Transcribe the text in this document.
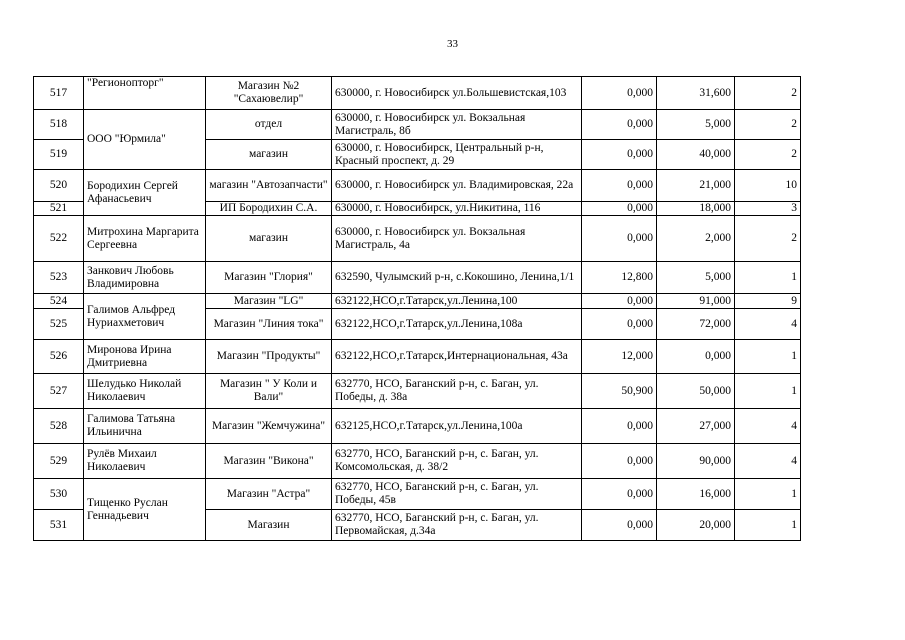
33
517	"Регионопторг"	Магазин №2 "Сахаювелир"	630000, г. Новосибирск ул.Большевистская,103	0,000	31,600	2
518	ООО "Юрмила"	отдел	630000, г. Новосибирск ул. Вокзальная Магистраль, 8б	0,000	5,000	2
519		магазин	630000, г. Новосибирск, Центральный р-н, Красный проспект, д. 29	0,000	40,000	2
520	Бородихин Сергей Афанасьевич	магазин "Автозапчасти"	630000, г. Новосибирск ул. Владимировская, 22а	0,000	21,000	10
521		ИП Бородихин С.А.	630000, г. Новосибирск, ул.Никитина, 116	0,000	18,000	3
522	Митрохина Маргарита Сергеевна	магазин	630000, г. Новосибирск ул. Вокзальная Магистраль, 4а	0,000	2,000	2
523	Занкович Любовь Владимировна	Магазин "Глория"	632590, Чулымский р-н, с.Кокошино, Ленина,1/1	12,800	5,000	1
524	Галимов Альфред Нуриахметович	Магазин "LG"	632122,НСО,г.Татарск,ул.Ленина,100	0,000	91,000	9
525		Магазин "Линия тока"	632122,НСО,г.Татарск,ул.Ленина,108а	0,000	72,000	4
526	Миронова Ирина Дмитриевна	Магазин "Продукты"	632122,НСО,г.Татарск,Интернациональная, 43а	12,000	0,000	1
527	Шелудько Николай Николаевич	Магазин " У Коли и Вали"	632770, НСО, Баганский р-н, с. Баган, ул. Победы, д. 38а	50,900	50,000	1
528	Галимова Татьяна Ильинична	Магазин "Жемчужина"	632125,НСО,г.Татарск,ул.Ленина,100а	0,000	27,000	4
529	Рулёв Михаил Николаевич	Магазин "Викона"	632770, НСО, Баганский р-н, с. Баган, ул. Комсомольская, д. 38/2	0,000	90,000	4
530	Тищенко Руслан Геннадьевич	Магазин "Астра"	632770, НСО, Баганский р-н, с. Баган, ул. Победы, 45в	0,000	16,000	1
531		Магазин	632770, НСО, Баганский р-н, с. Баган, ул. Первомайская, д.34а	0,000	20,000	1
